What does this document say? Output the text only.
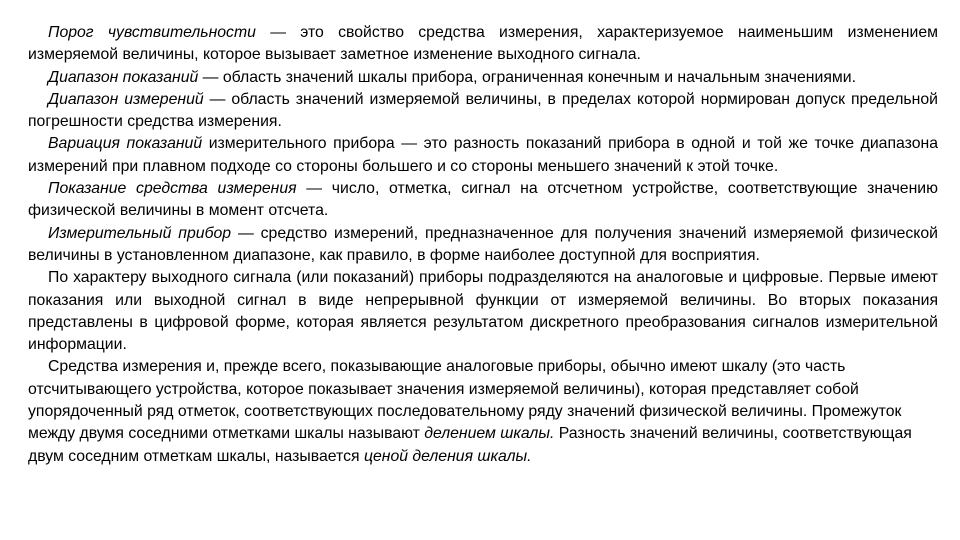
Порог чувствительности — это свойство средства измерения, характеризуемое наименьшим изменением измеряемой величины, которое вызывает заметное изменение выходного сигнала.

Диапазон показаний — область значений шкалы прибора, ограниченная конечным и начальным значениями.

Диапазон измерений — область значений измеряемой величины, в пределах которой нормирован допуск предельной погрешности средства измерения.

Вариация показаний измерительного прибора — это разность показаний прибора в одной и той же точке диапазона измерений при плавном подходе со стороны большего и со стороны меньшего значений к этой точке.

Показание средства измерения — число, отметка, сигнал на отсчетном устройстве, соответствующие значению физической величины в момент отсчета.

Измерительный прибор — средство измерений, предназначенное для получения значений измеряемой физической величины в установленном диапазоне, как правило, в форме наиболее доступной для восприятия.

По характеру выходного сигнала (или показаний) приборы подразделяются на аналоговые и цифровые. Первые имеют показания или выходной сигнал в виде непрерывной функции от измеряемой величины. Во вторых показания представлены в цифровой форме, которая является результатом дискретного преобразования сигналов измерительной информации.

Средства измерения и, прежде всего, показывающие аналоговые приборы, обычно имеют шкалу (это часть отсчитывающего устройства, которое показывает значения измеряемой величины), которая представляет собой упорядоченный ряд отметок, соответствующих последовательному ряду значений физической величины. Промежуток между двумя соседними отметками шкалы называют делением шкалы. Разность значений величины, соответствующая двум соседним отметкам шкалы, называется ценой деления шкалы.
